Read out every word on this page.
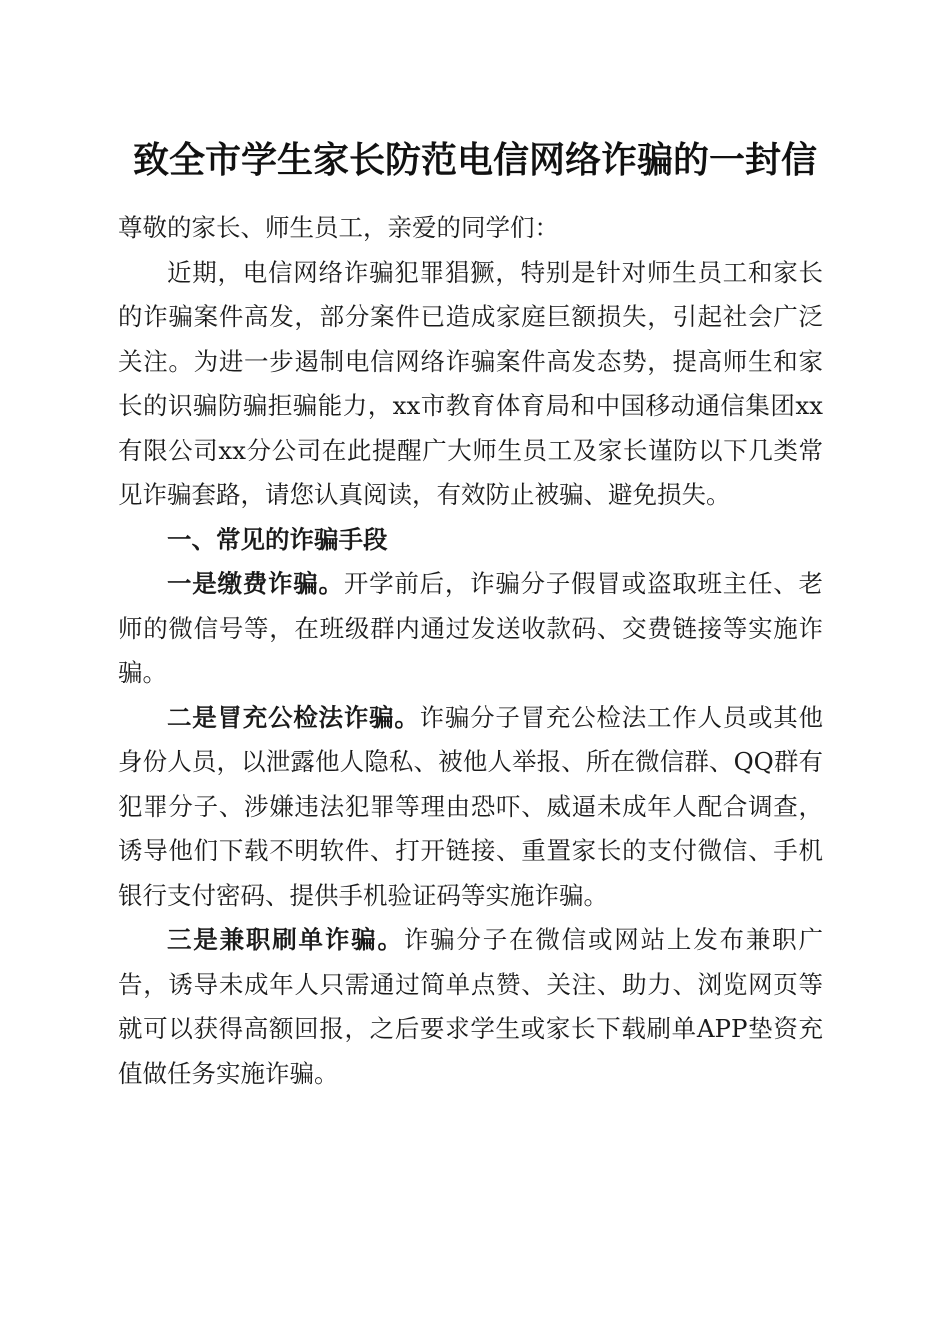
致全市学生家长防范电信网络诈骗的一封信

尊敬的家长、师生员工，亲爱的同学们：

近期，电信网络诈骗犯罪猖獗，特别是针对师生员工和家长的诈骗案件高发，部分案件已造成家庭巨额损失，引起社会广泛关注。为进一步遏制电信网络诈骗案件高发态势，提高师生和家长的识骗防骗拒骗能力，xx市教育体育局和中国移动通信集团xx有限公司xx分公司在此提醒广大师生员工及家长谨防以下几类常见诈骗套路，请您认真阅读，有效防止被骗、避免损失。

一、常见的诈骗手段

一是缴费诈骗。开学前后，诈骗分子假冒或盗取班主任、老师的微信号等，在班级群内通过发送收款码、交费链接等实施诈骗。

二是冒充公检法诈骗。诈骗分子冒充公检法工作人员或其他身份人员，以泄露他人隐私、被他人举报、所在微信群、QQ群有犯罪分子、涉嫌违法犯罪等理由恐吓、威逼未成年人配合调查，诱导他们下载不明软件、打开链接、重置家长的支付微信、手机银行支付密码、提供手机验证码等实施诈骗。

三是兼职刷单诈骗。诈骗分子在微信或网站上发布兼职广告，诱导未成年人只需通过简单点赞、关注、助力、浏览网页等就可以获得高额回报，之后要求学生或家长下载刷单APP垫资充值做任务实施诈骗。
